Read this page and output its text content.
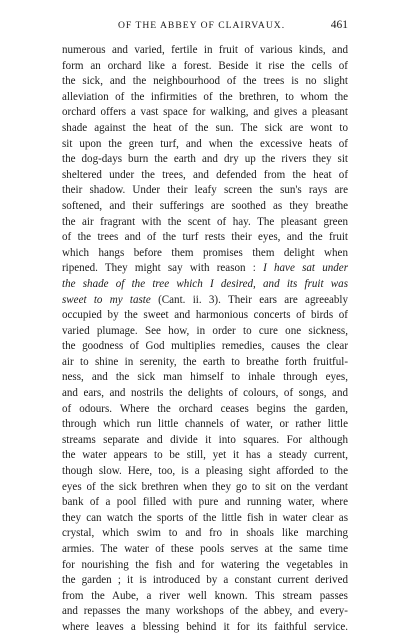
OF THE ABBEY OF CLAIRVAUX.	461
numerous and varied, fertile in fruit of various kinds, and
form an orchard like a forest. Beside it rise the cells of
the sick, and the neighbourhood of the trees is no slight
alleviation of the infirmities of the brethren, to whom the
orchard offers a vast space for walking, and gives a pleasant
shade against the heat of the sun. The sick are wont to
sit upon the green turf, and when the excessive heats of
the dog-days burn the earth and dry up the rivers they sit
sheltered under the trees, and defended from the heat of
their shadow. Under their leafy screen the sun's rays are
softened, and their sufferings are soothed as they breathe
the air fragrant with the scent of hay. The pleasant green
of the trees and of the turf rests their eyes, and the fruit
which hangs before them promises them delight when
ripened. They might say with reason : I have sat under
the shade of the tree which I desired, and its fruit was
sweet to my taste (Cant. ii. 3). Their ears are agreeably
occupied by the sweet and harmonious concerts of birds of
varied plumage. See how, in order to cure one sickness,
the goodness of God multiplies remedies, causes the clear
air to shine in serenity, the earth to breathe forth fruitful-
ness, and the sick man himself to inhale through eyes,
and ears, and nostrils the delights of colours, of songs, and
of odours. Where the orchard ceases begins the garden,
through which run little channels of water, or rather little
streams separate and divide it into squares. For although
the water appears to be still, yet it has a steady current,
though slow. Here, too, is a pleasing sight afforded to the
eyes of the sick brethren when they go to sit on the verdant
bank of a pool filled with pure and running water, where
they can watch the sports of the little fish in water clear as
crystal, which swim to and fro in shoals like marching
armies. The water of these pools serves at the same time
for nourishing the fish and for watering the vegetables in
the garden ; it is introduced by a constant current derived
from the Aube, a river well known. This stream passes
and repasses the many workshops of the abbey, and every-
where leaves a blessing behind it for its faithful service.
